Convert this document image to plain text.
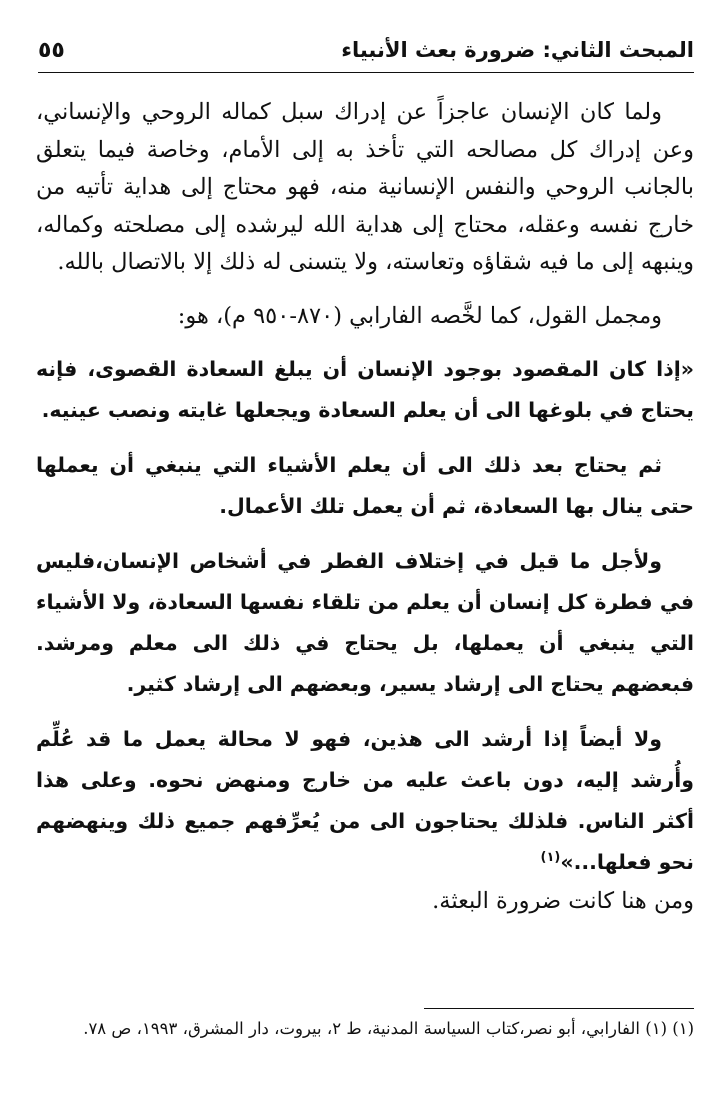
المبحث الثاني: ضرورة بعث الأنبياء
٥٥

ولما كان الإنسان عاجزاً عن إدراك سبل كماله الروحي والإنساني، وعن إدراك كل مصالحه التي تأخذ به إلى الأمام، وخاصة فيما يتعلق بالجانب الروحي والنفس الإنسانية منه، فهو محتاج إلى هداية تأتيه من خارج نفسه وعقله، محتاج إلى هداية الله ليرشده إلى مصلحته وكماله، وينبهه إلى ما فيه شقاؤه وتعاسته، ولا يتسنى له ذلك إلا بالاتصال بالله.

ومجمل القول، كما لخَّصه الفارابي (٨٧٠-٩٥٠ م)، هو:

«إذا كان المقصود بوجود الإنسان أن يبلغ السعادة القصوى، فإنه يحتاج في بلوغها الى أن يعلم السعادة ويجعلها غايته ونصب عينيه.

ثم يحتاج بعد ذلك الى أن يعلم الأشياء التي ينبغي أن يعملها حتى ينال بها السعادة، ثم أن يعمل تلك الأعمال.

ولأجل ما قيل في إختلاف الفطر في أشخاص الإنسان،فليس في فطرة كل إنسان أن يعلم من تلقاء نفسها السعادة، ولا الأشياء التي ينبغي أن يعملها، بل يحتاج في ذلك الى معلم ومرشد. فبعضهم يحتاج الى إرشاد يسير، وبعضهم الى إرشاد كثير.

ولا أيضاً إذا أرشد الى هذين، فهو لا محالة يعمل ما قد عُلِّم وأُرشد إليه، دون باعث عليه من خارج ومنهض نحوه. وعلى هذا أكثر الناس. فلذلك يحتاجون الى من يُعرِّفهم جميع ذلك وينهضهم نحو فعلها...»$^{(١)}$

ومن هنا كانت ضرورة البعثة.

(١) (١) الفارابي، أبو نصر،كتاب السياسة المدنية، ط ٢، بيروت، دار المشرق، ١٩٩٣، ص ٧٨.
